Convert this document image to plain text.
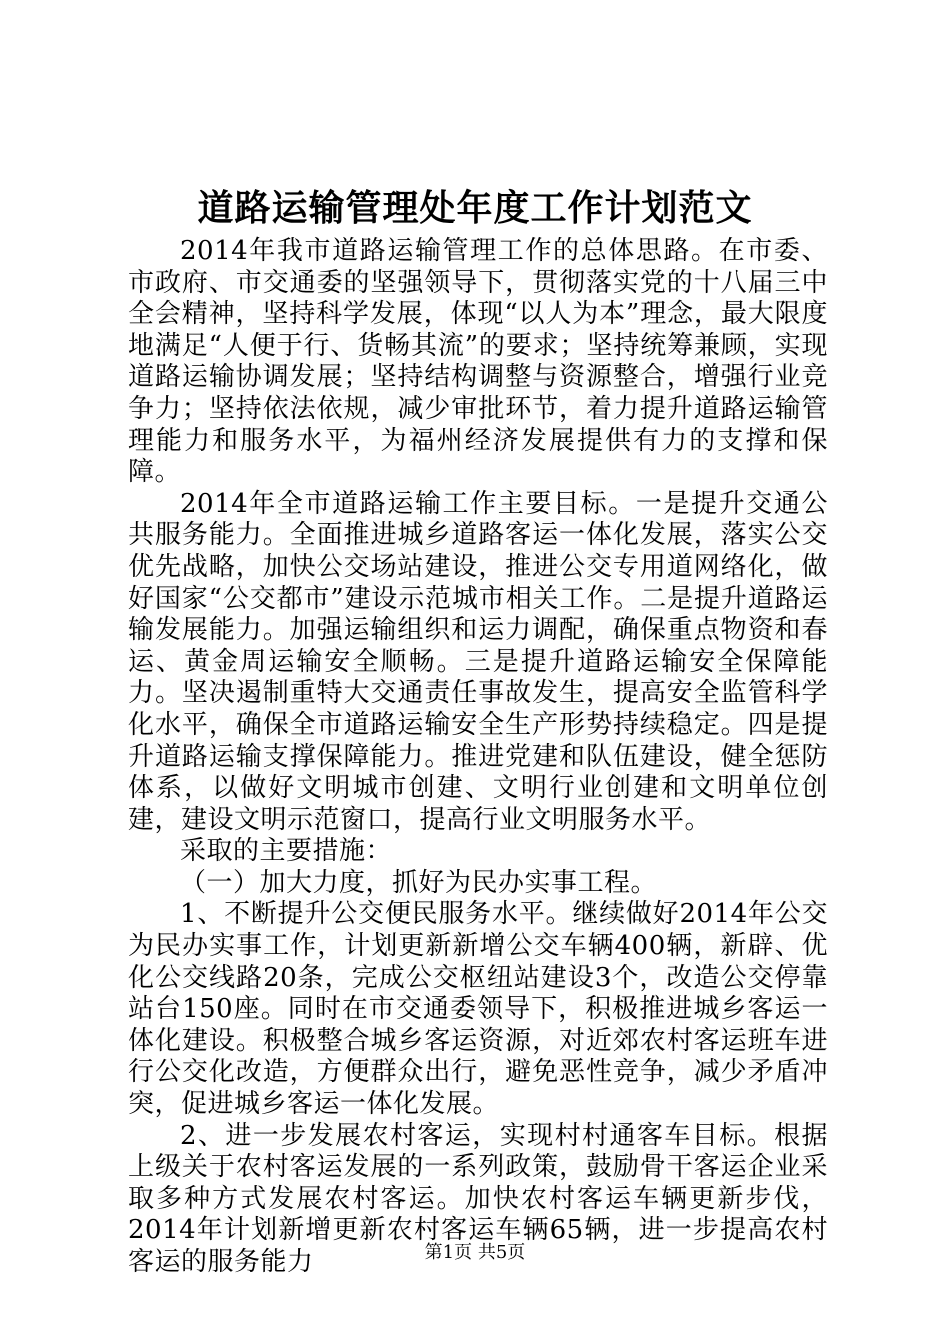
道路运输管理处年度工作计划范文

2014年我市道路运输管理工作的总体思路。在市委、市政府、市交通委的坚强领导下，贯彻落实党的十八届三中全会精神，坚持科学发展，体现“以人为本”理念，最大限度地满足“人便于行、货畅其流”的要求；坚持统筹兼顾，实现道路运输协调发展；坚持结构调整与资源整合，增强行业竞争力；坚持依法依规，减少审批环节，着力提升道路运输管理能力和服务水平，为福州经济发展提供有力的支撑和保障。

2014年全市道路运输工作主要目标。一是提升交通公共服务能力。全面推进城乡道路客运一体化发展，落实公交优先战略，加快公交场站建设，推进公交专用道网络化，做好国家“公交都市”建设示范城市相关工作。二是提升道路运输发展能力。加强运输组织和运力调配，确保重点物资和春运、黄金周运输安全顺畅。三是提升道路运输安全保障能力。坚决遏制重特大交通责任事故发生，提高安全监管科学化水平，确保全市道路运输安全生产形势持续稳定。四是提升道路运输支撑保障能力。推进党建和队伍建设，健全惩防体系，以做好文明城市创建、文明行业创建和文明单位创建，建设文明示范窗口，提高行业文明服务水平。

采取的主要措施：

（一）加大力度，抓好为民办实事工程。

1、不断提升公交便民服务水平。继续做好2014年公交为民办实事工作，计划更新新增公交车辆400辆，新辟、优化公交线路20条，完成公交枢纽站建设3个，改造公交停靠站台150座。同时在市交通委领导下，积极推进城乡客运一体化建设。积极整合城乡客运资源，对近郊农村客运班车进行公交化改造，方便群众出行，避免恶性竞争，减少矛盾冲突，促进城乡客运一体化发展。

2、进一步发展农村客运，实现村村通客车目标。根据上级关于农村客运发展的一系列政策，鼓励骨干客运企业采取多种方式发展农村客运。加快农村客运车辆更新步伐，2014年计划新增更新农村客运车辆65辆，进一步提高农村客运的服务能力	第1页 共5页
